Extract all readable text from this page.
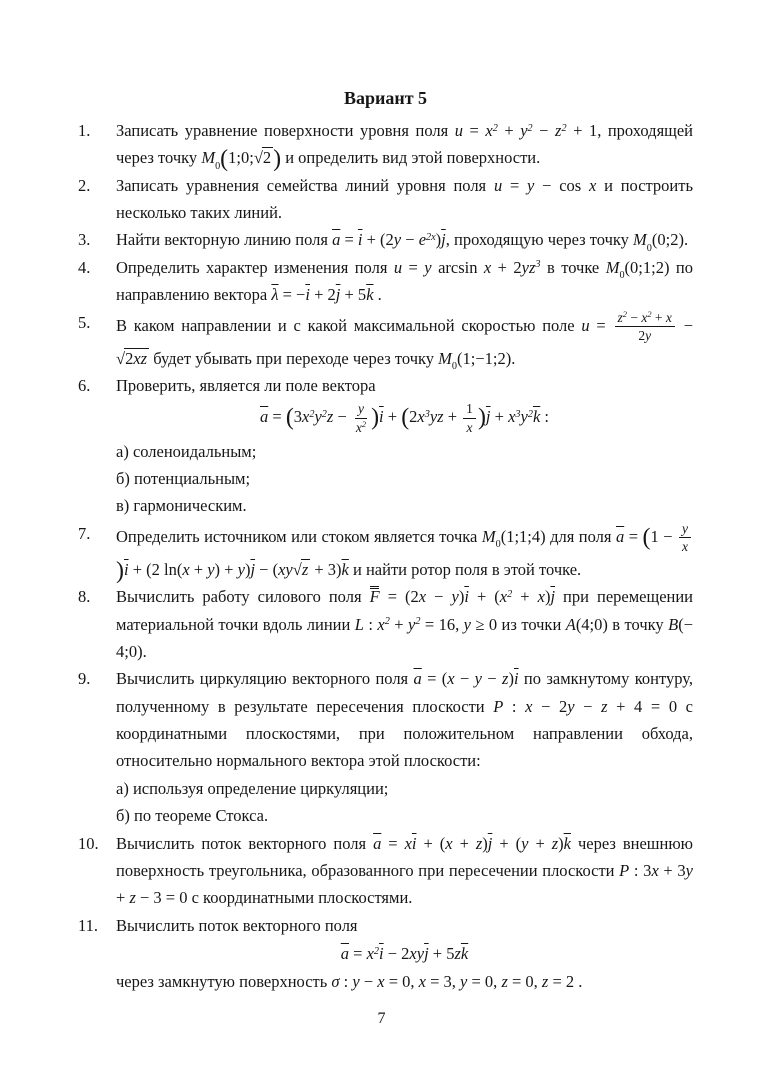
Вариант 5
1.	Записать уравнение поверхности уровня поля $u = x^2 + y^2 - z^2 + 1$, проходящей через точку $M_0(1;0;√2)$ и определить вид этой поверхности.

2.	Записать уравнения семейства линий уровня поля u = y − cos x и построить несколько таких линий.

3.	Найти векторную линию поля $\overline{a} = \overline{i} + (2y - e^{2x})\overline{j}$, проходящую через точку $M_0(0;2)$.

4.	Определить характер изменения поля u = y $\arcsin x + 2yz^3$ в точке $M_0(0;1;2)$ по направлению вектора $\overline{\lambda} = -\overline{i} + 2\overline{j} + 5\overline{k}$ .

5.	В каком направлении и с какой максимальной скоростью поле $u = \frac{z^2 - x^2 + x}{2y} - √2xz$ будет убывать при переходе через точку $M_0(1;-1;2)$.

6.	Проверить, является ли поле вектора

$\overline{a} = (3x^2y^2z - \frac{y}{x^2} )\overline{i} + (2x^3yz + \frac{1}{x} )\overline{j} + x^3y^2\overline{k}$ :
а) соленоидальным;
б) потенциальным;
в) гармоническим.
7.	Определить источником или стоком является точка $M_0(1;1;4)$ для поля $\overline{a} = (1 - \frac{y}{x}$
)$\overline{i} + (2$ $\ln(x + y) + y)\overline{j} - (xy√z + 3)\overline{k}$ и найти ротор поля в этой точке.

8.	Вычислить работу силового поля $F = (2x - y)\overline{i} + (x^2 + x)\overline{j}$ при перемещении материальной точки вдоль линии L : $x^2 + y^2 = 16$, y ≥ 0 из точки A(4;0) в точку B(− 4;0).

9.	Вычислить циркуляцию векторного поля $\overline{a} = (x - y - z)\overline{i}$ по замкнутому контуру, полученному в результате пересечения плоскости P : x − 2y − z + 4 = 0 с координатными плоскостями, при положительном направлении обхода, относительно нормального вектора этой плоскости:

а) используя определение циркуляции;
б) по теореме Стокса.
10.	Вычислить поток векторного поля $\overline{a} = x\overline{i} + (x + z)\overline{j} + (y + z)\overline{k}$ через внешнюю поверхность треугольника, образованного при пересечении плоскости P : 3x + 3y + z − 3 = 0 с координатными плоскостями.

11.	Вычислить поток векторного поля

$\overline{a} = x^2\overline{i} - 2xy\overline{j} + 5z\overline{k}$
через замкнутую поверхность σ : y − x = 0, x = 3, y = 0, z = 0, z = 2 .
7
